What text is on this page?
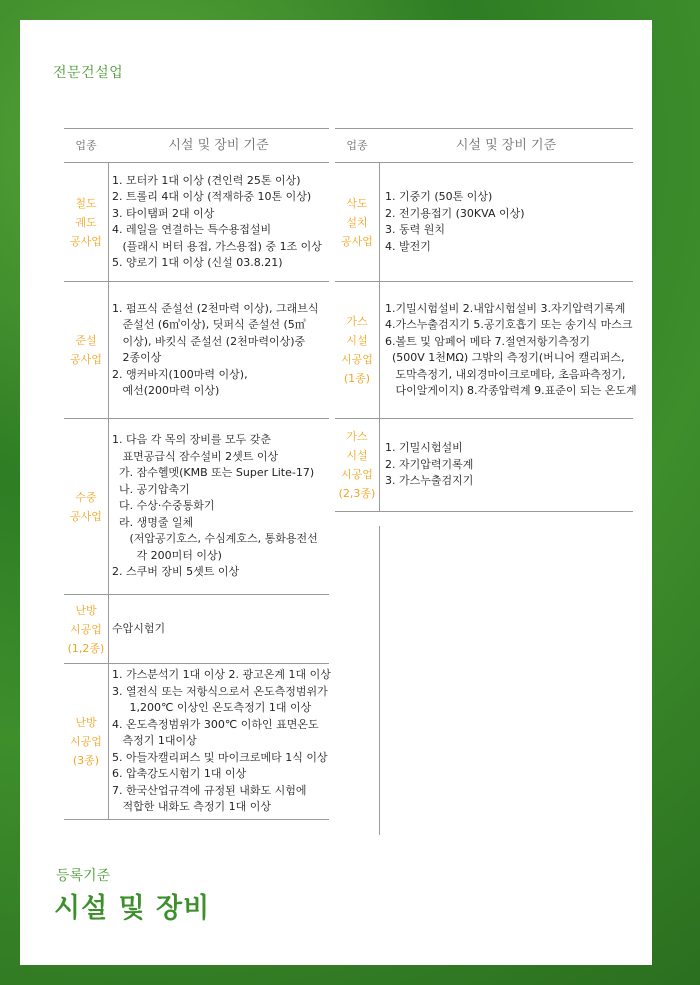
전문건설업
업종	시설 및 장비 기준
철도
궤도
공사업
1. 모터카 1대 이상 (견인력 25톤 이상)
2. 트롤리 4대 이상 (적재하중 10톤 이상)
3. 타이탬퍼 2대 이상
4. 레일을 연결하는 특수용접설비
(플래시 버터 용접, 가스용접) 중 1조 이상
5. 양로기 1대 이상 (신설 03.8.21)
준설
공사업
1. 펌프식 준설선 (2천마력 이상), 그래브식
준설선 (6㎥이상), 딧퍼식 준설선 (5㎥
이상), 바킷식 준설선 (2천마력이상)중
2종이상
2. 앵커바지(100마력 이상),
예선(200마력 이상)
수중
공사업
1. 다음 각 목의 장비를 모두 갖춘
표면공급식 잠수설비 2셋트 이상
가. 잠수헬멧(KMB 또는 Super Lite-17)
나. 공기압축기
다. 수상·수중통화기
라. 생명줄 일체
(저압공기호스, 수심계호스, 통화용전선
각 200미터 이상)
2. 스쿠버 장비 5셋트 이상
난방
시공업
(1,2종)
수압시험기
난방
시공업
(3종)
1. 가스분석기 1대 이상 2. 광고온계 1대 이상
3. 열전식 또는 저항식으로서 온도측정범위가
1,200℃ 이상인 온도측정기 1대 이상
4. 온도측정범위가 300℃ 이하인 표면온도
측정기 1대이상
5. 아들자캘리퍼스 및 마이크로메타 1식 이상
6. 압축강도시험기 1대 이상
7. 한국산업규격에 규정된 내화도 시험에
적합한 내화도 측정기 1대 이상
업종	시설 및 장비 기준
삭도
설치
공사업
1. 기중기 (50톤 이상)
2. 전기용접기 (30KVA 이상)
3. 동력 원치
4. 발전기
가스
시설
시공업
(1종)
1.기밀시험설비 2.내압시험설비 3.자기압력기록계
4.가스누출검지기 5.공기호흡기 또는 송기식 마스크
6.볼트 및 암페어 메타 7.절연저항기측정기
(500V 1천MΩ) 그밖의 측정기(버니어 캘리퍼스,
도막측정기, 내외경마이크로메타, 초음파측정기,
다이알게이지) 8.각종압력계 9.표준이 되는 온도계
가스
시설
시공업
(2,3종)
1. 기밀시험설비
2. 자기압력기록계
3. 가스누출검지기
등록기준
시설 및 장비
